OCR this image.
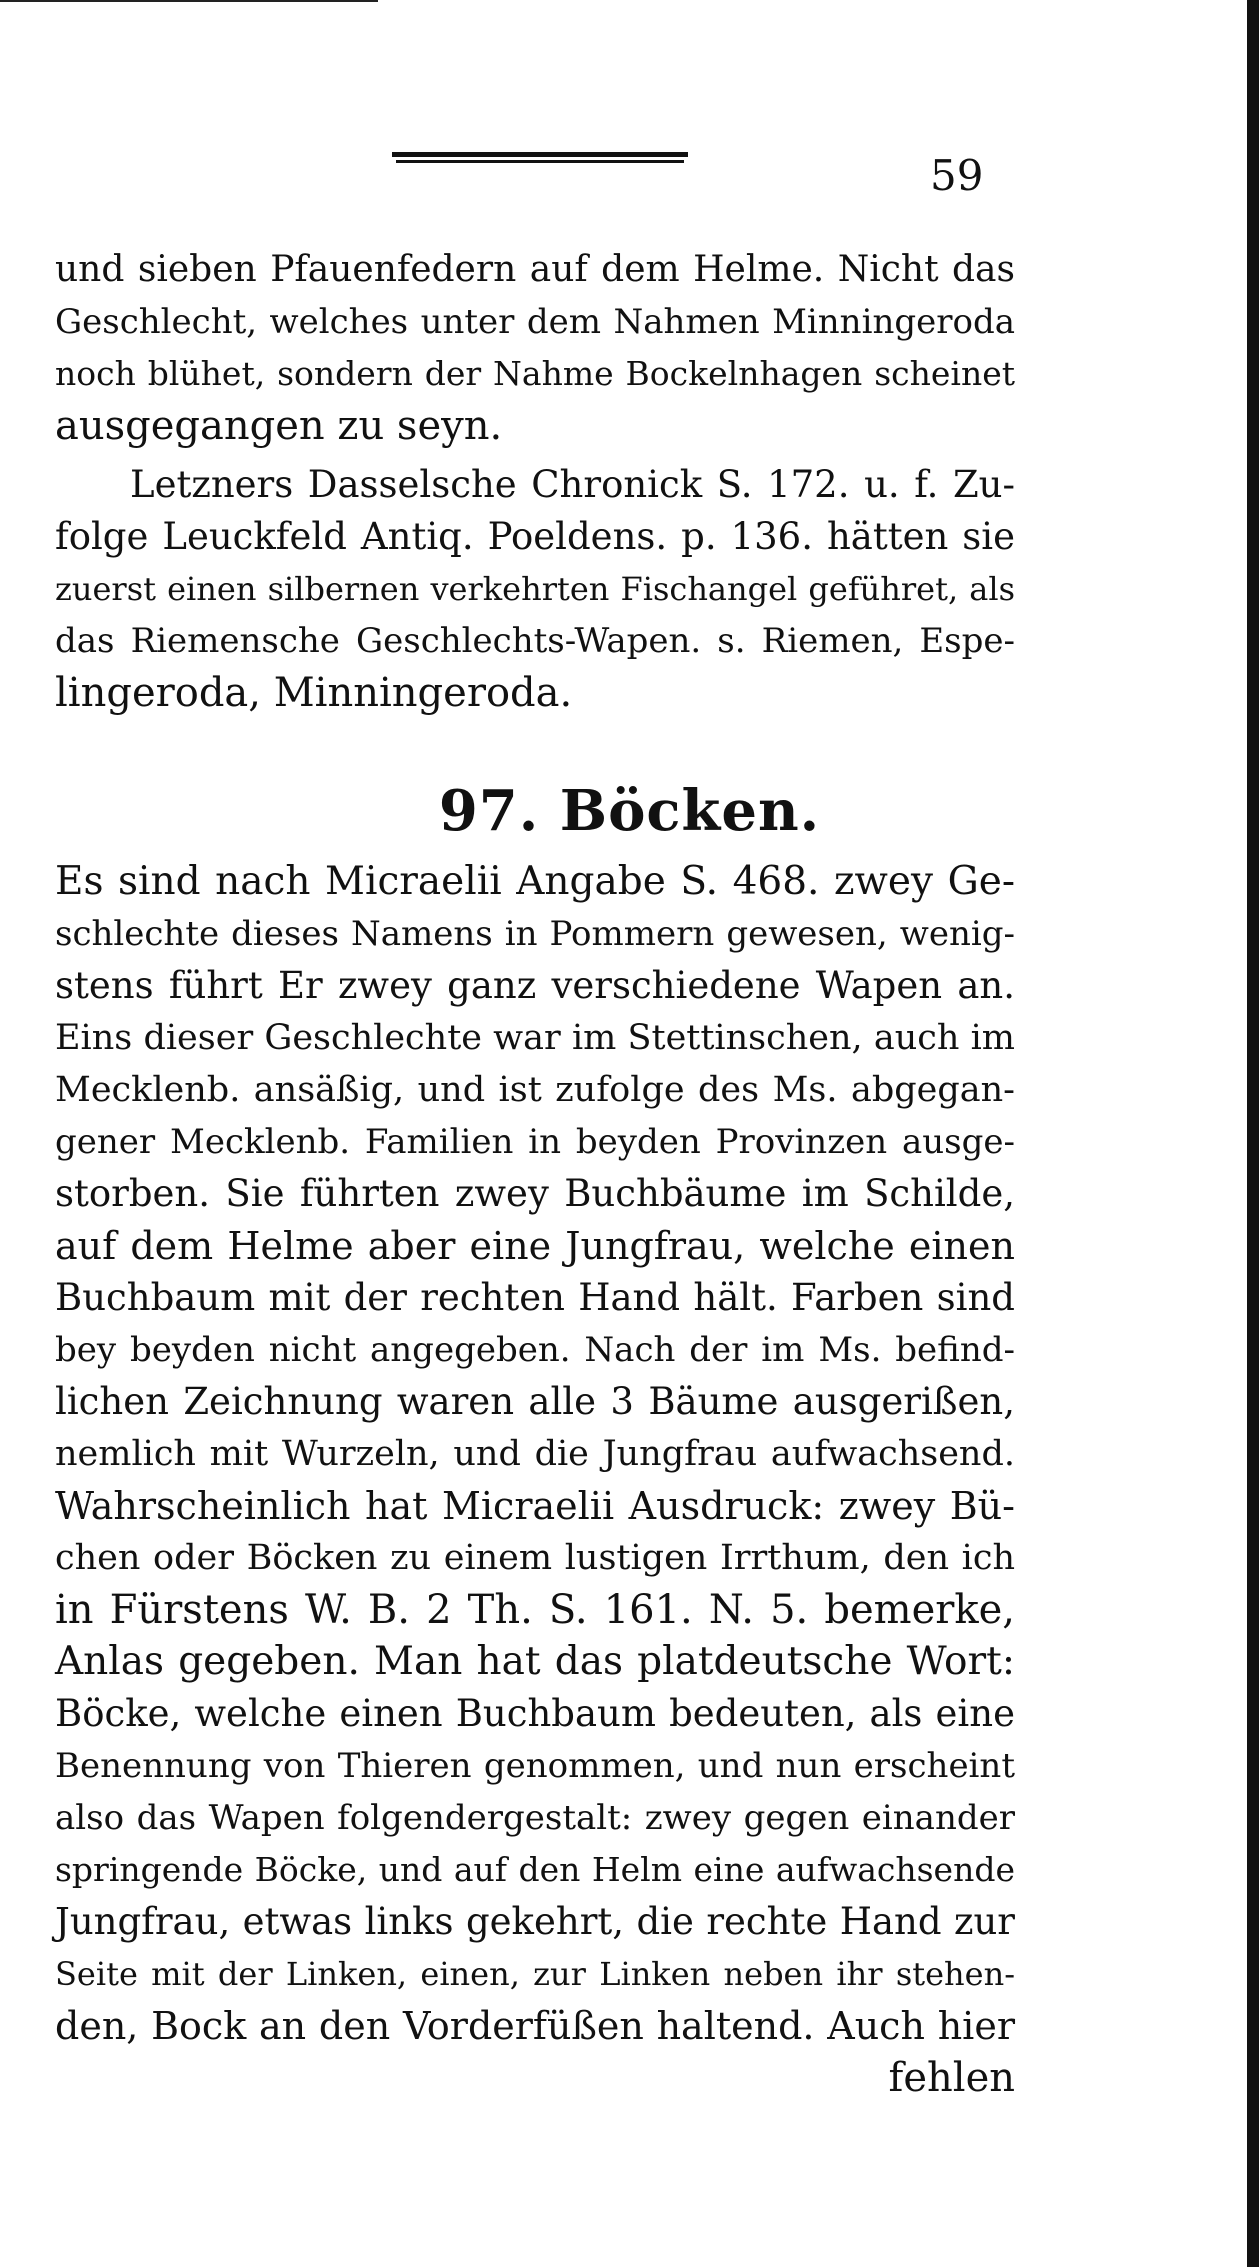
59
und sieben Pfauenfedern auf dem Helme. Nicht das
Geschlecht, welches unter dem Nahmen Minningeroda
noch blühet, sondern der Nahme Bockelnhagen scheinet
ausgegangen zu seyn.
Letzners Dasselsche Chronick S. 172. u. f. Zu-
folge Leuckfeld Antiq. Poeldens. p. 136. hätten sie
zuerst einen silbernen verkehrten Fischangel geführet, als
das Riemensche Geschlechts-Wapen. s. Riemen, Espe-
lingeroda, Minningeroda.
97. Böcken.
Es sind nach Micraelii Angabe S. 468. zwey Ge-
schlechte dieses Namens in Pommern gewesen, wenig-
stens führt Er zwey ganz verschiedene Wapen an.
Eins dieser Geschlechte war im Stettinschen, auch im
Mecklenb. ansäßig, und ist zufolge des Ms. abgegan-
gener Mecklenb. Familien in beyden Provinzen ausge-
storben. Sie führten zwey Buchbäume im Schilde,
auf dem Helme aber eine Jungfrau, welche einen
Buchbaum mit der rechten Hand hält. Farben sind
bey beyden nicht angegeben. Nach der im Ms. befind-
lichen Zeichnung waren alle 3 Bäume ausgerißen,
nemlich mit Wurzeln, und die Jungfrau aufwachsend.
Wahrscheinlich hat Micraelii Ausdruck: zwey Bü-
chen oder Böcken zu einem lustigen Irrthum, den ich
in Fürstens W. B. 2 Th. S. 161. N. 5. bemerke,
Anlas gegeben. Man hat das platdeutsche Wort:
Böcke, welche einen Buchbaum bedeuten, als eine
Benennung von Thieren genommen, und nun erscheint
also das Wapen folgendergestalt: zwey gegen einander
springende Böcke, und auf den Helm eine aufwachsende
Jungfrau, etwas links gekehrt, die rechte Hand zur
Seite mit der Linken, einen, zur Linken neben ihr stehen-
den, Bock an den Vorderfüßen haltend. Auch hier
fehlen
